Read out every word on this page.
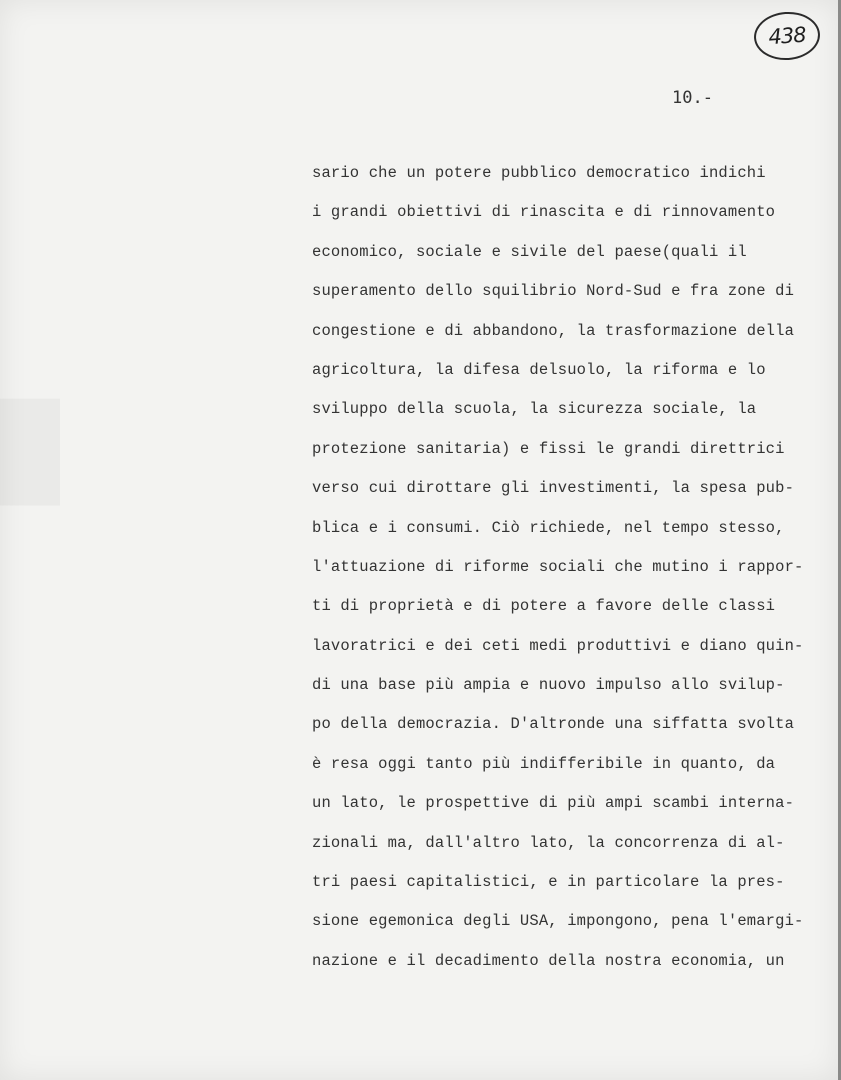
438
10.-
sario che un potere pubblico democratico indichi
i grandi obiettivi di rinascita e di rinnovamento
economico, sociale e sivile del paese(quali il
superamento dello squilibrio Nord-Sud e fra zone di
congestione e di abbandono, la trasformazione della
agricoltura, la difesa delsuolo, la riforma e lo
sviluppo della scuola, la sicurezza sociale, la
protezione sanitaria) e fissi le grandi direttrici
verso cui dirottare gli investimenti, la spesa pub-
blica e i consumi. Ciò richiede, nel tempo stesso,
l'attuazione di riforme sociali che mutino i rappor-
ti di proprietà e di potere a favore delle classi
lavoratrici e dei ceti medi produttivi e diano quin-
di una base più ampia e nuovo impulso allo svilup-
po della democrazia. D'altronde una siffatta svolta
è resa oggi tanto più indifferibile in quanto, da
un lato, le prospettive di più ampi scambi interna-
zionali ma, dall'altro lato, la concorrenza di al-
tri paesi capitalistici, e in particolare la pres-
sione egemonica degli USA, impongono, pena l'emargi-
nazione e il decadimento della nostra economia, un
